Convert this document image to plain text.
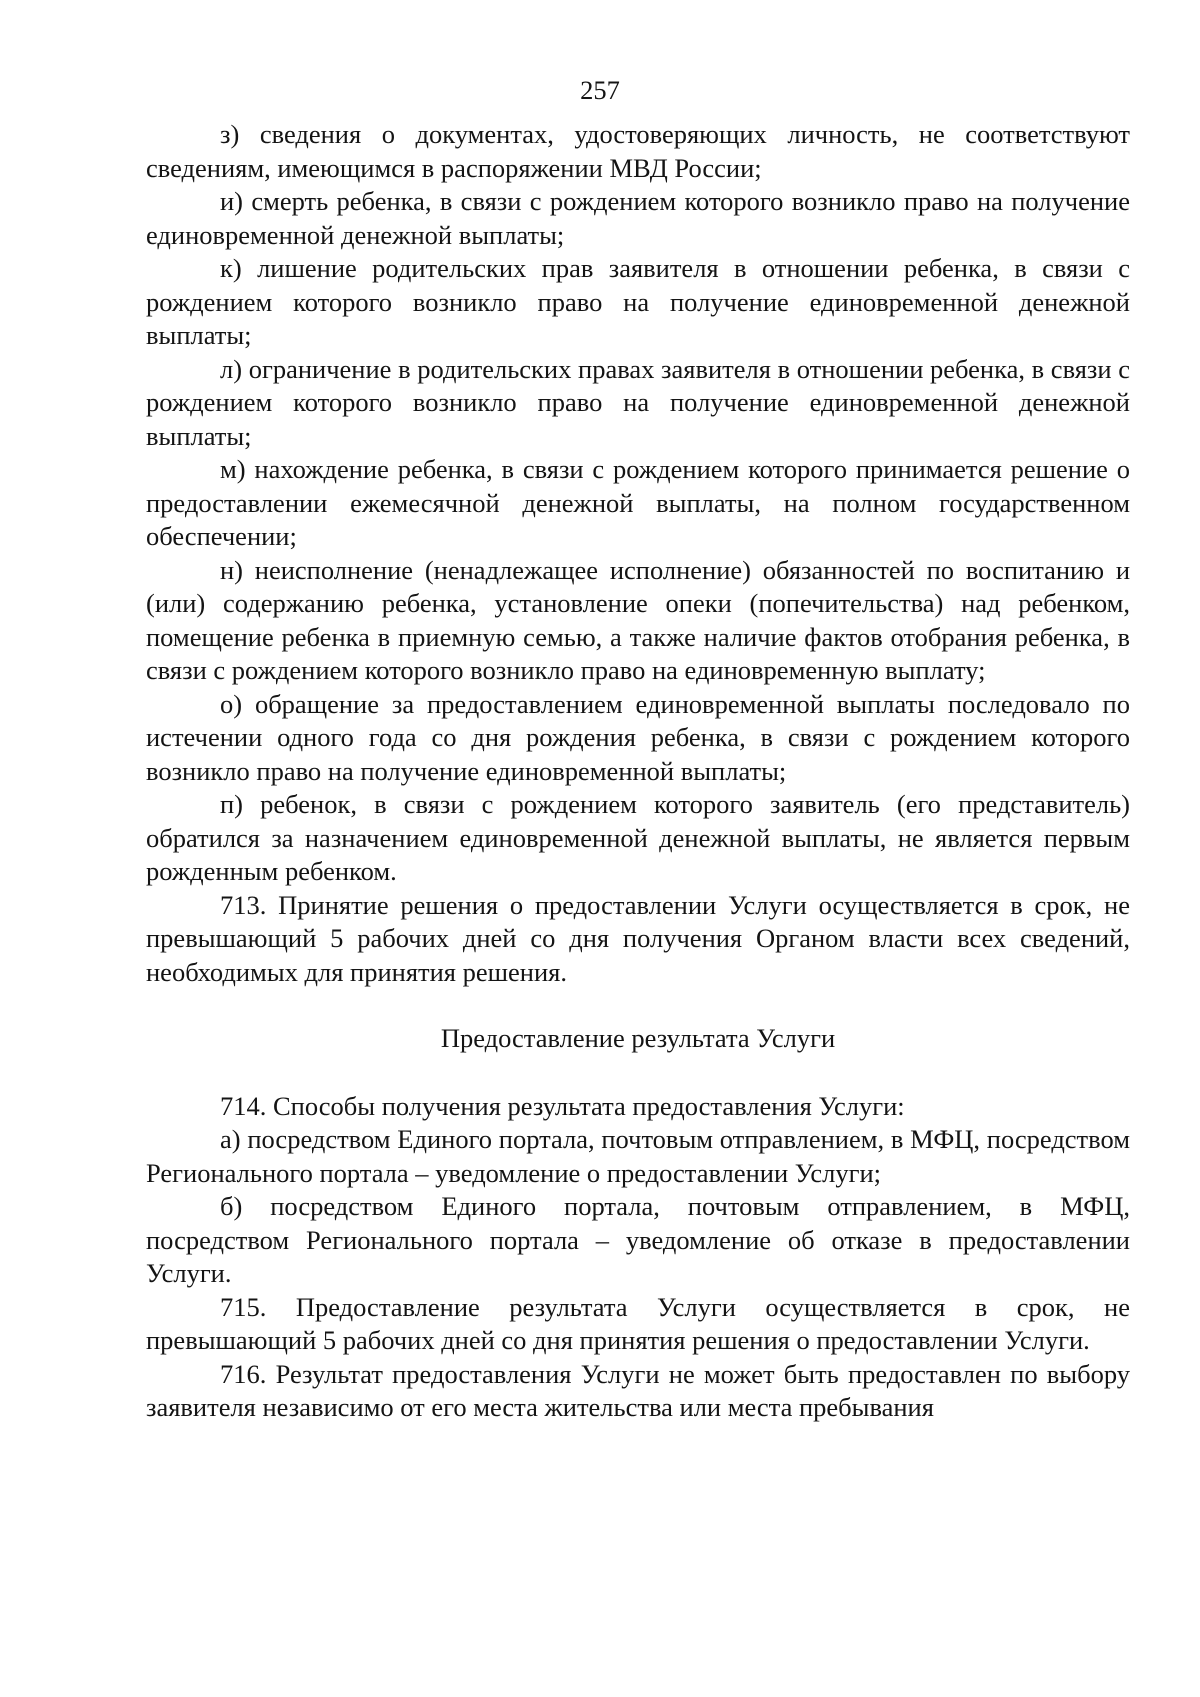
257

з) сведения о документах, удостоверяющих личность, не соответствуют сведениям, имеющимся в распоряжении МВД России;

и) смерть ребенка, в связи с рождением которого возникло право на получение единовременной денежной выплаты;

к) лишение родительских прав заявителя в отношении ребенка, в связи с рождением которого возникло право на получение единовременной денежной выплаты;

л) ограничение в родительских правах заявителя в отношении ребенка, в связи с рождением которого возникло право на получение единовременной денежной выплаты;

м) нахождение ребенка, в связи с рождением которого принимается решение о предоставлении ежемесячной денежной выплаты, на полном государственном обеспечении;

н) неисполнение (ненадлежащее исполнение) обязанностей по воспитанию и (или) содержанию ребенка, установление опеки (попечительства) над ребенком, помещение ребенка в приемную семью, а также наличие фактов отобрания ребенка, в связи с рождением которого возникло право на единовременную выплату;

о) обращение за предоставлением единовременной выплаты последовало по истечении одного года со дня рождения ребенка, в связи с рождением которого возникло право на получение единовременной выплаты;

п) ребенок, в связи с рождением которого заявитель (его представитель) обратился за назначением единовременной денежной выплаты, не является первым рожденным ребенком.

713. Принятие решения о предоставлении Услуги осуществляется в срок, не превышающий 5 рабочих дней со дня получения Органом власти всех сведений, необходимых для принятия решения.

Предоставление результата Услуги

714. Способы получения результата предоставления Услуги:

а) посредством Единого портала, почтовым отправлением, в МФЦ, посредством Регионального портала – уведомление о предоставлении Услуги;

б) посредством Единого портала, почтовым отправлением, в МФЦ, посредством Регионального портала – уведомление об отказе в предоставлении Услуги.

715. Предоставление результата Услуги осуществляется в срок, не превышающий 5 рабочих дней со дня принятия решения о предоставлении Услуги.

716. Результат предоставления Услуги не может быть предоставлен по выбору заявителя независимо от его места жительства или места пребывания
